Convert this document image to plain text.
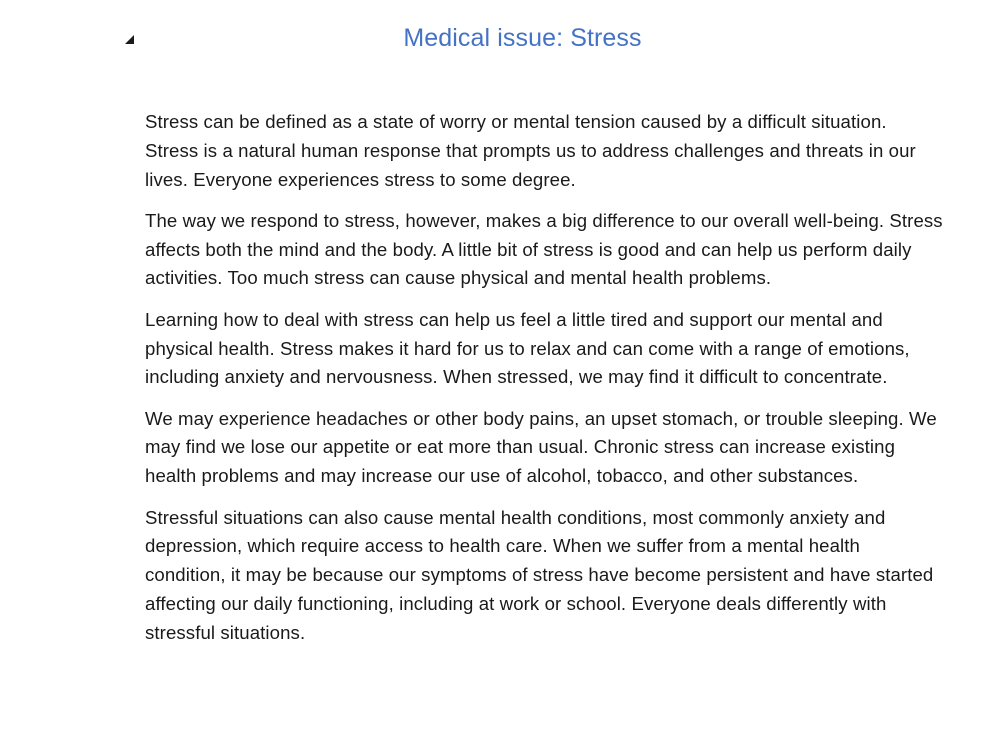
Medical issue: Stress

Stress can be defined as a state of worry or mental tension caused by a difficult situation. Stress is a natural human response that prompts us to address challenges and threats in our lives. Everyone experiences stress to some degree.

The way we respond to stress, however, makes a big difference to our overall well-being. Stress affects both the mind and the body. A little bit of stress is good and can help us perform daily activities. Too much stress can cause physical and mental health problems.

Learning how to deal with stress can help us feel a little tired and support our mental and physical health. Stress makes it hard for us to relax and can come with a range of emotions, including anxiety and nervousness. When stressed, we may find it difficult to concentrate.

We may experience headaches or other body pains, an upset stomach, or trouble sleeping. We may find we lose our appetite or eat more than usual. Chronic stress can increase existing health problems and may increase our use of alcohol, tobacco, and other substances.

Stressful situations can also cause mental health conditions, most commonly anxiety and depression, which require access to health care. When we suffer from a mental health condition, it may be because our symptoms of stress have become persistent and have started affecting our daily functioning, including at work or school. Everyone deals differently with stressful situations.
